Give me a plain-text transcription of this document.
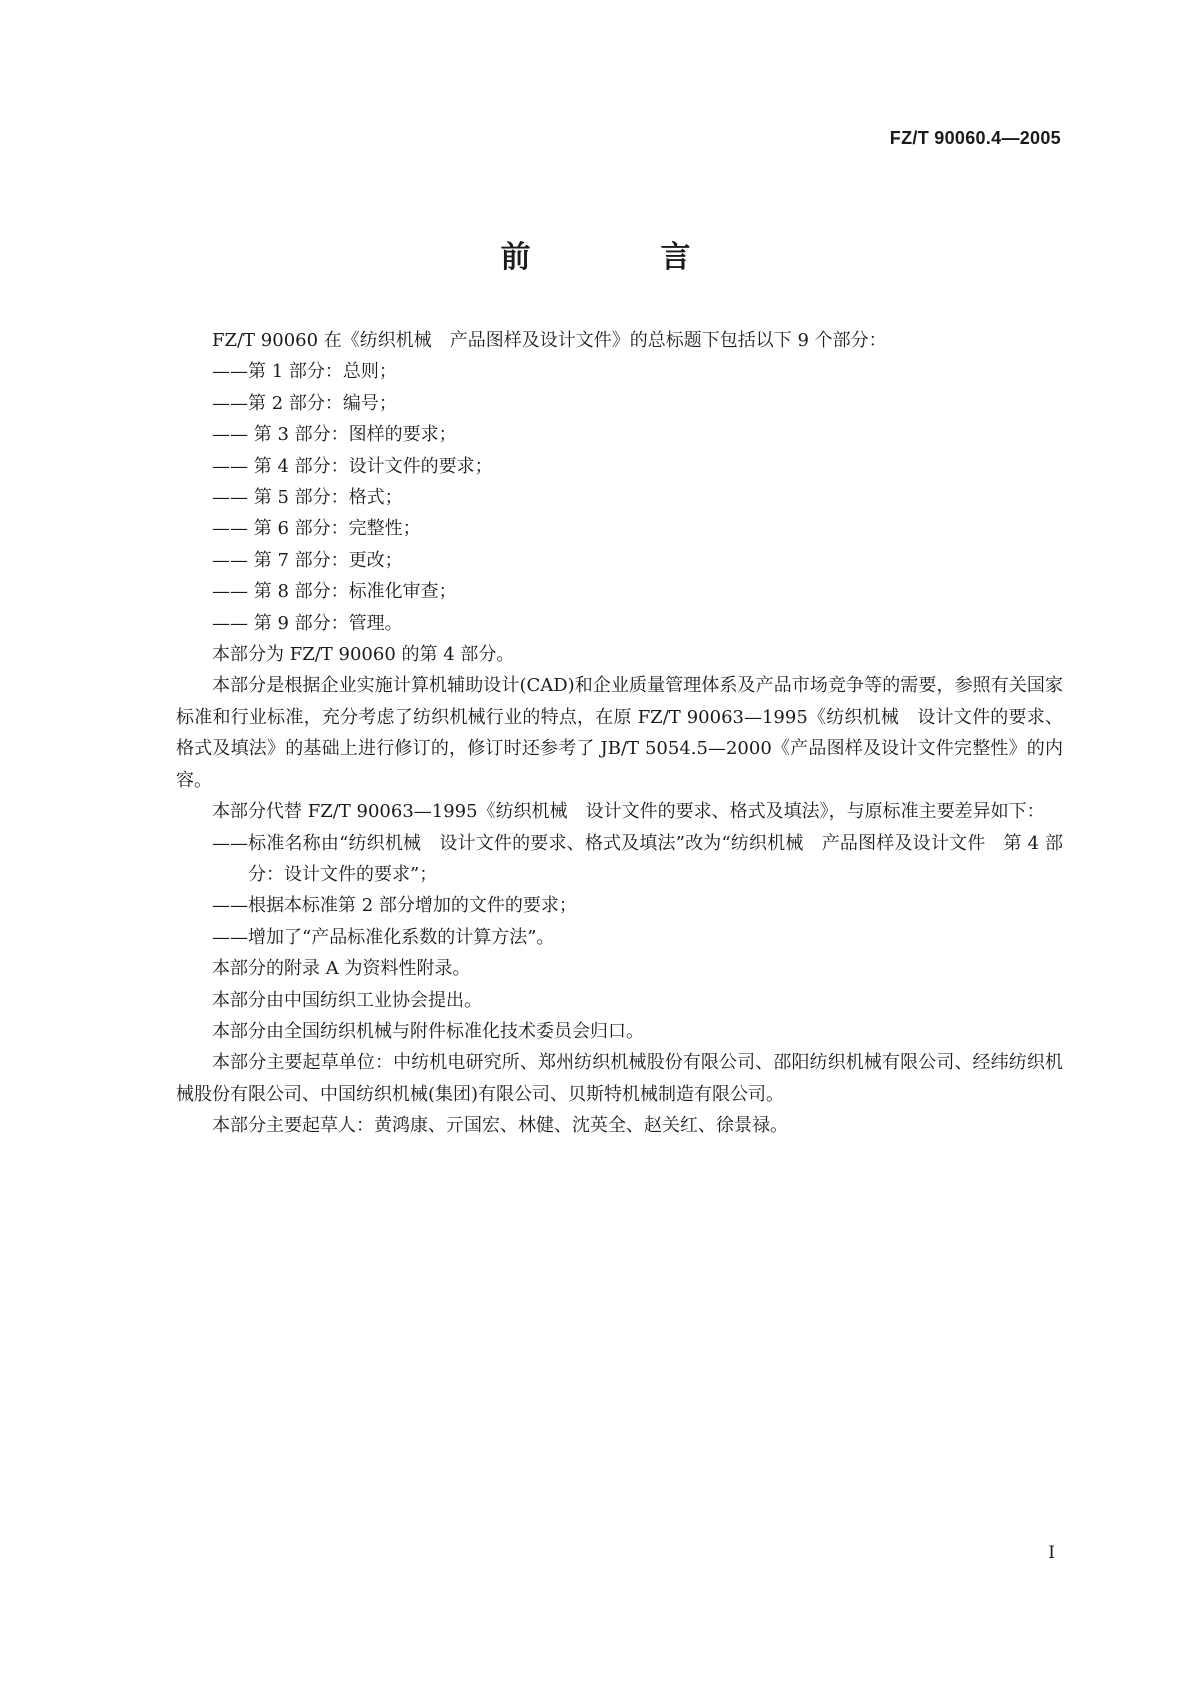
FZ/T 90060.4—2005
前　言

FZ/T 90060 在《纺织机械　产品图样及设计文件》的总标题下包括以下 9 个部分：

——第 1 部分：总则；

——第 2 部分：编号；

—— 第 3 部分：图样的要求；

—— 第 4 部分：设计文件的要求；

—— 第 5 部分：格式；

—— 第 6 部分：完整性；

—— 第 7 部分：更改；

—— 第 8 部分：标准化审查；

—— 第 9 部分：管理。

本部分为 FZ/T 90060 的第 4 部分。

本部分是根据企业实施计算机辅助设计(CAD)和企业质量管理体系及产品市场竞争等的需要，参照有关国家标准和行业标准，充分考虑了纺织机械行业的特点，在原 FZ/T 90063—1995《纺织机械　设计文件的要求、格式及填法》的基础上进行修订的，修订时还参考了 JB/T 5054.5—2000《产品图样及设计文件完整性》的内容。

本部分代替 FZ/T 90063—1995《纺织机械　设计文件的要求、格式及填法》，与原标准主要差异如下：

——标准名称由“纺织机械　设计文件的要求、格式及填法”改为“纺织机械　产品图样及设计文件　第 4 部分：设计文件的要求”；

——根据本标准第 2 部分增加的文件的要求；

——增加了“产品标准化系数的计算方法”。

本部分的附录 A 为资料性附录。

本部分由中国纺织工业协会提出。

本部分由全国纺织机械与附件标准化技术委员会归口。

本部分主要起草单位：中纺机电研究所、郑州纺织机械股份有限公司、邵阳纺织机械有限公司、经纬纺织机械股份有限公司、中国纺织机械(集团)有限公司、贝斯特机械制造有限公司。

本部分主要起草人：黄鸿康、亓国宏、林健、沈英全、赵关红、徐景禄。

I
